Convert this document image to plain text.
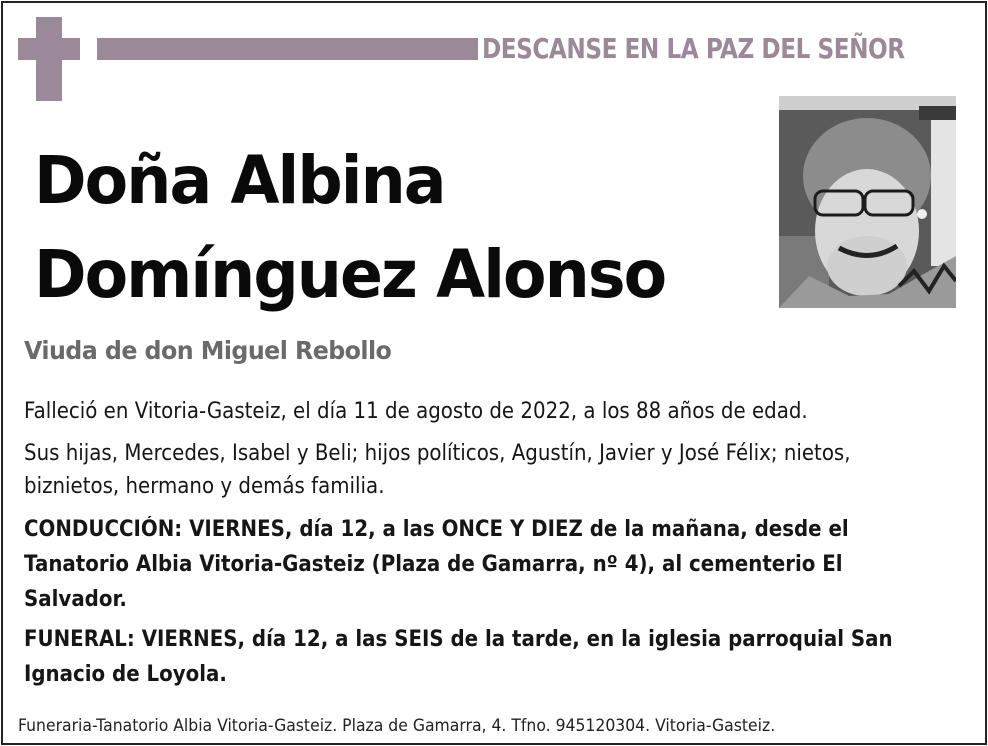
DESCANSE EN LA PAZ DEL SEÑOR
Doña Albina
Domínguez Alonso
Viuda de don Miguel Rebollo
Falleció en Vitoria-Gasteiz, el día 11 de agosto de 2022, a los 88 años de edad.
Sus hijas, Mercedes, Isabel y Beli; hijos políticos, Agustín, Javier y José Félix; nietos, biznietos, hermano y demás familia.
CONDUCCIÓN: VIERNES, día 12, a las ONCE Y DIEZ de la mañana, desde el Tanatorio Albia Vitoria-Gasteiz (Plaza de Gamarra, nº 4), al cementerio El Salvador.
FUNERAL: VIERNES, día 12, a las SEIS de la tarde, en la iglesia parroquial San Ignacio de Loyola.
Funeraria-Tanatorio Albia Vitoria-Gasteiz. Plaza de Gamarra, 4. Tfno. 945120304. Vitoria-Gasteiz.
